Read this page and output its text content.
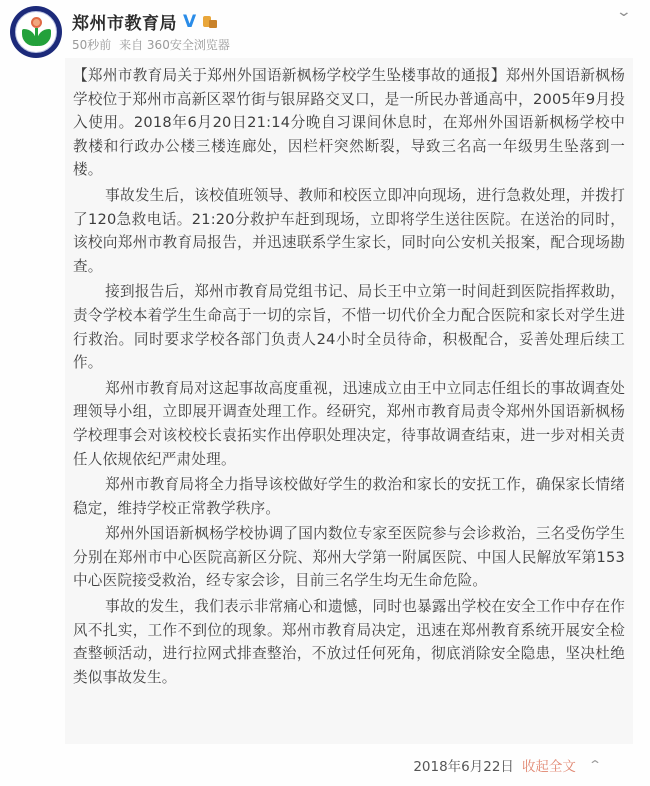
郑州市教育局 V
50秒前 来自 360安全浏览器
⌄

【郑州市教育局关于郑州外国语新枫杨学校学生坠楼事故的通报】郑州外国语新枫杨学校位于郑州市高新区翠竹街与银屏路交叉口，是一所民办普通高中，2005年9月投入使用。2018年6月20日21:14分晚自习课间休息时，在郑州外国语新枫杨学校中教楼和行政办公楼三楼连廊处，因栏杆突然断裂，导致三名高一年级男生坠落到一楼。

事故发生后，该校值班领导、教师和校医立即冲向现场，进行急救处理，并拨打了120急救电话。21:20分救护车赶到现场，立即将学生送往医院。在送治的同时，该校向郑州市教育局报告，并迅速联系学生家长，同时向公安机关报案，配合现场勘查。

接到报告后，郑州市教育局党组书记、局长王中立第一时间赶到医院指挥救助，责令学校本着学生生命高于一切的宗旨，不惜一切代价全力配合医院和家长对学生进行救治。同时要求学校各部门负责人24小时全员待命，积极配合，妥善处理后续工作。

郑州市教育局对这起事故高度重视，迅速成立由王中立同志任组长的事故调查处理领导小组，立即展开调查处理工作。经研究，郑州市教育局责令郑州外国语新枫杨学校理事会对该校校长袁拓实作出停职处理决定，待事故调查结束，进一步对相关责任人依规依纪严肃处理。

郑州市教育局将全力指导该校做好学生的救治和家长的安抚工作，确保家长情绪稳定，维持学校正常教学秩序。

郑州外国语新枫杨学校协调了国内数位专家至医院参与会诊救治，三名受伤学生分别在郑州市中心医院高新区分院、郑州大学第一附属医院、中国人民解放军第153中心医院接受救治，经专家会诊，目前三名学生均无生命危险。

事故的发生，我们表示非常痛心和遗憾，同时也暴露出学校在安全工作中存在作风不扎实，工作不到位的现象。郑州市教育局决定，迅速在郑州教育系统开展安全检查整顿活动，进行拉网式排查整治，不放过任何死角，彻底消除安全隐患，坚决杜绝类似事故发生。

2018年6月22日 收起全文 ⌃
